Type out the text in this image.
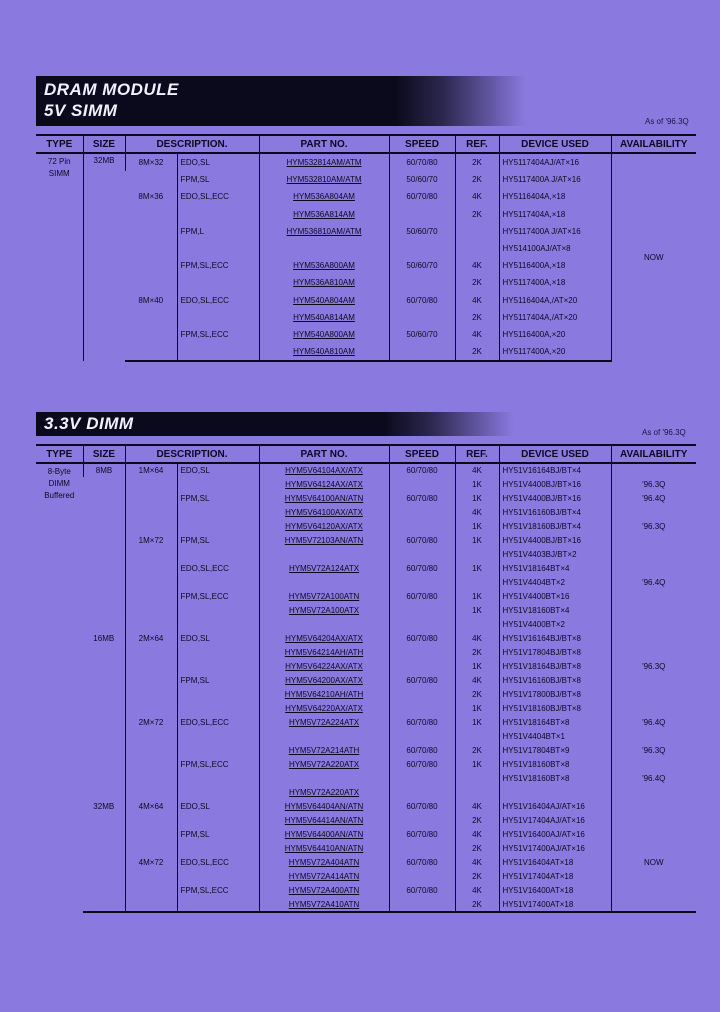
DRAM MODULE
5V SIMM
As of '96.3Q
TYPE	SIZE	DESCRIPTION.		PART NO.	SPEED	REF.	DEVICE USED	AVAILABILITY
72 Pin SIMM	32MB	8M×32	EDO,SL	HYM532814AM/ATM	60/70/80	2K	HY5117404AJ/AT×16	NOW
			FPM,SL	HYM532810AM/ATM	50/60/70	2K	HY5117400A J/AT×16	
		8M×36	EDO,SL,ECC	HYM536A804AM	60/70/80	4K	HY5116404A,×18	
				HYM536A814AM		2K	HY5117404A,×18	
			FPM,L	HYM536810AM/ATM	50/60/70		HY5117400A J/AT×16	
							HY514100AJ/AT×8	
			FPM,SL,ECC	HYM536A800AM	50/60/70	4K	HY5116400A,×18	
				HYM536A810AM		2K	HY5117400A,×18	
		8M×40	EDO,SL,ECC	HYM540A804AM	60/70/80	4K	HY5116404A,/AT×20	
				HYM540A814AM		2K	HY5117404A,/AT×20	
			FPM,SL,ECC	HYM540A800AM	50/60/70	4K	HY5116400A,×20	
				HYM540A810AM		2K	HY5117400A,×20	
3.3V DIMM	As of '96.3Q
TYPE	SIZE	DESCRIPTION.		PART NO.	SPEED	REF.	DEVICE USED	AVAILABILITY
8-Byte DIMM Buffered	8MB	1M×64	EDO,SL	HYM5V64104AX/ATX	60/70/80	4K	HY51V16164BJ/BT×4	
				HYM5V64124AX/ATX		1K	HY51V4400BJ/BT×16	'96.3Q
			FPM,SL	HYM5V64100AN/ATN	60/70/80	1K	HY51V4400BJ/BT×16	'96.4Q
				HYM5V64100AX/ATX		4K	HY51V16160BJ/BT×4	
				HYM5V64120AX/ATX		1K	HY51V18160BJ/BT×4	'96.3Q
		1M×72	FPM,SL	HYM5V72103AN/ATN	60/70/80	1K	HY51V4400BJ/BT×16	
							HY51V4403BJ/BT×2	
			EDO,SL,ECC	HYM5V72A124ATX	60/70/80	1K	HY51V18164BT×4	
							HY51V4404BT×2	'96.4Q
			FPM,SL,ECC	HYM5V72A100ATN	60/70/80	1K	HY51V4400BT×16	
				HYM5V72A100ATX		1K	HY51V18160BT×4	
							HY51V4400BT×2	
	16MB	2M×64	EDO,SL	HYM5V64204AX/ATX	60/70/80	4K	HY51V16164BJ/BT×8	
				HYM5V64214AH/ATH		2K	HY51V17804BJ/BT×8	
				HYM5V64224AX/ATX		1K	HY51V18164BJ/BT×8	'96.3Q
			FPM,SL	HYM5V64200AX/ATX	60/70/80	4K	HY51V16160BJ/BT×8	
				HYM5V64210AH/ATH		2K	HY51V17800BJ/BT×8	
				HYM5V64220AX/ATX		1K	HY51V18160BJ/BT×8	
		2M×72	EDO,SL,ECC	HYM5V72A224ATX	60/70/80	1K	HY51V18164BT×8	'96.4Q
							HY51V4404BT×1	
				HYM5V72A214ATH	60/70/80	2K	HY51V17804BT×9	'96.3Q
			FPM,SL,ECC	HYM5V72A220ATX	60/70/80	1K	HY51V18160BT×8	
							HY51V18160BT×8	'96.4Q
				HYM5V72A220ATX				
	32MB	4M×64	EDO,SL	HYM5V64404AN/ATN	60/70/80	4K	HY51V16404AJ/AT×16	
				HYM5V64414AN/ATN		2K	HY51V17404AJ/AT×16	
			FPM,SL	HYM5V64400AN/ATN	60/70/80	4K	HY51V16400AJ/AT×16	
				HYM5V64410AN/ATN		2K	HY51V17400AJ/AT×16	
		4M×72	EDO,SL,ECC	HYM5V72A404ATN	60/70/80	4K	HY51V16404AT×18	NOW
				HYM5V72A414ATN		2K	HY51V17404AT×18	
			FPM,SL,ECC	HYM5V72A400ATN	60/70/80	4K	HY51V16400AT×18	
				HYM5V72A410ATN		2K	HY51V17400AT×18	
